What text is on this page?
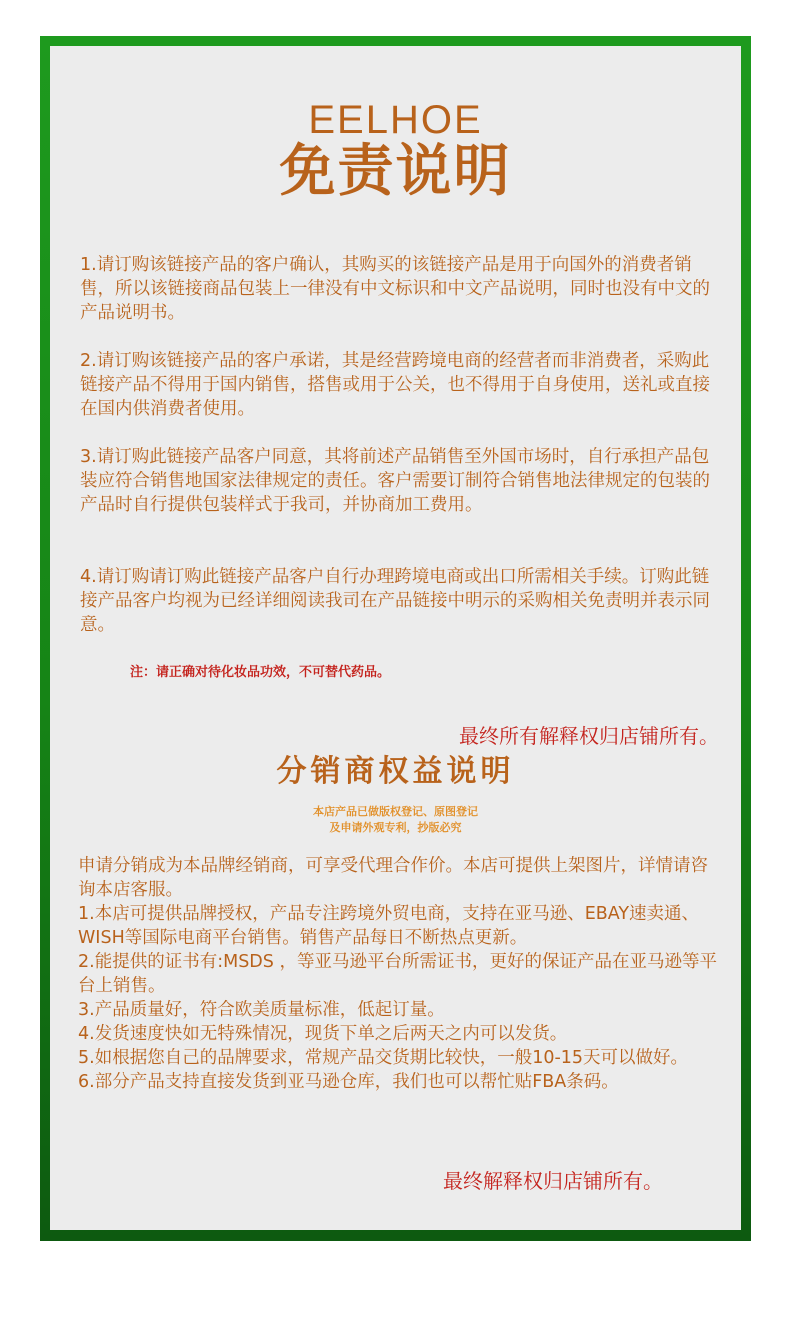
EELHOE
免责说明
1.请订购该链接产品的客户确认，其购买的该链接产品是用于向国外的消费者销售，所以该链接商品包装上一律没有中文标识和中文产品说明，同时也没有中文的产品说明书。
2.请订购该链接产品的客户承诺，其是经营跨境电商的经营者而非消费者，采购此链接产品不得用于国内销售，搭售或用于公关，也不得用于自身使用，送礼或直接在国内供消费者使用。
3.请订购此链接产品客户同意，其将前述产品销售至外国市场时，自行承担产品包装应符合销售地国家法律规定的责任。客户需要订制符合销售地法律规定的包装的产品时自行提供包装样式于我司，并协商加工费用。
4.请订购请订购此链接产品客户自行办理跨境电商或出口所需相关手续。订购此链接产品客户均视为已经详细阅读我司在产品链接中明示的采购相关免责明并表示同意。
注：请正确对待化妆品功效，不可替代药品。
最终所有解释权归店铺所有。
分销商权益说明
本店产品已做版权登记、原图登记
及申请外观专利，抄版必究
申请分销成为本品牌经销商，可享受代理合作价。本店可提供上架图片，详情请咨询本店客服。
1.本店可提供品牌授权，产品专注跨境外贸电商，支持在亚马逊、EBAY速卖通、WISH等国际电商平台销售。销售产品每日不断热点更新。
2.能提供的证书有:MSDS ，等亚马逊平台所需证书，更好的保证产品在亚马逊等平台上销售。
3.产品质量好，符合欧美质量标准，低起订量。
4.发货速度快如无特殊情况，现货下单之后两天之内可以发货。
5.如根据您自己的品牌要求，常规产品交货期比较快，一般10-15天可以做好。
6.部分产品支持直接发货到亚马逊仓库，我们也可以帮忙贴FBA条码。
最终解释权归店铺所有。
